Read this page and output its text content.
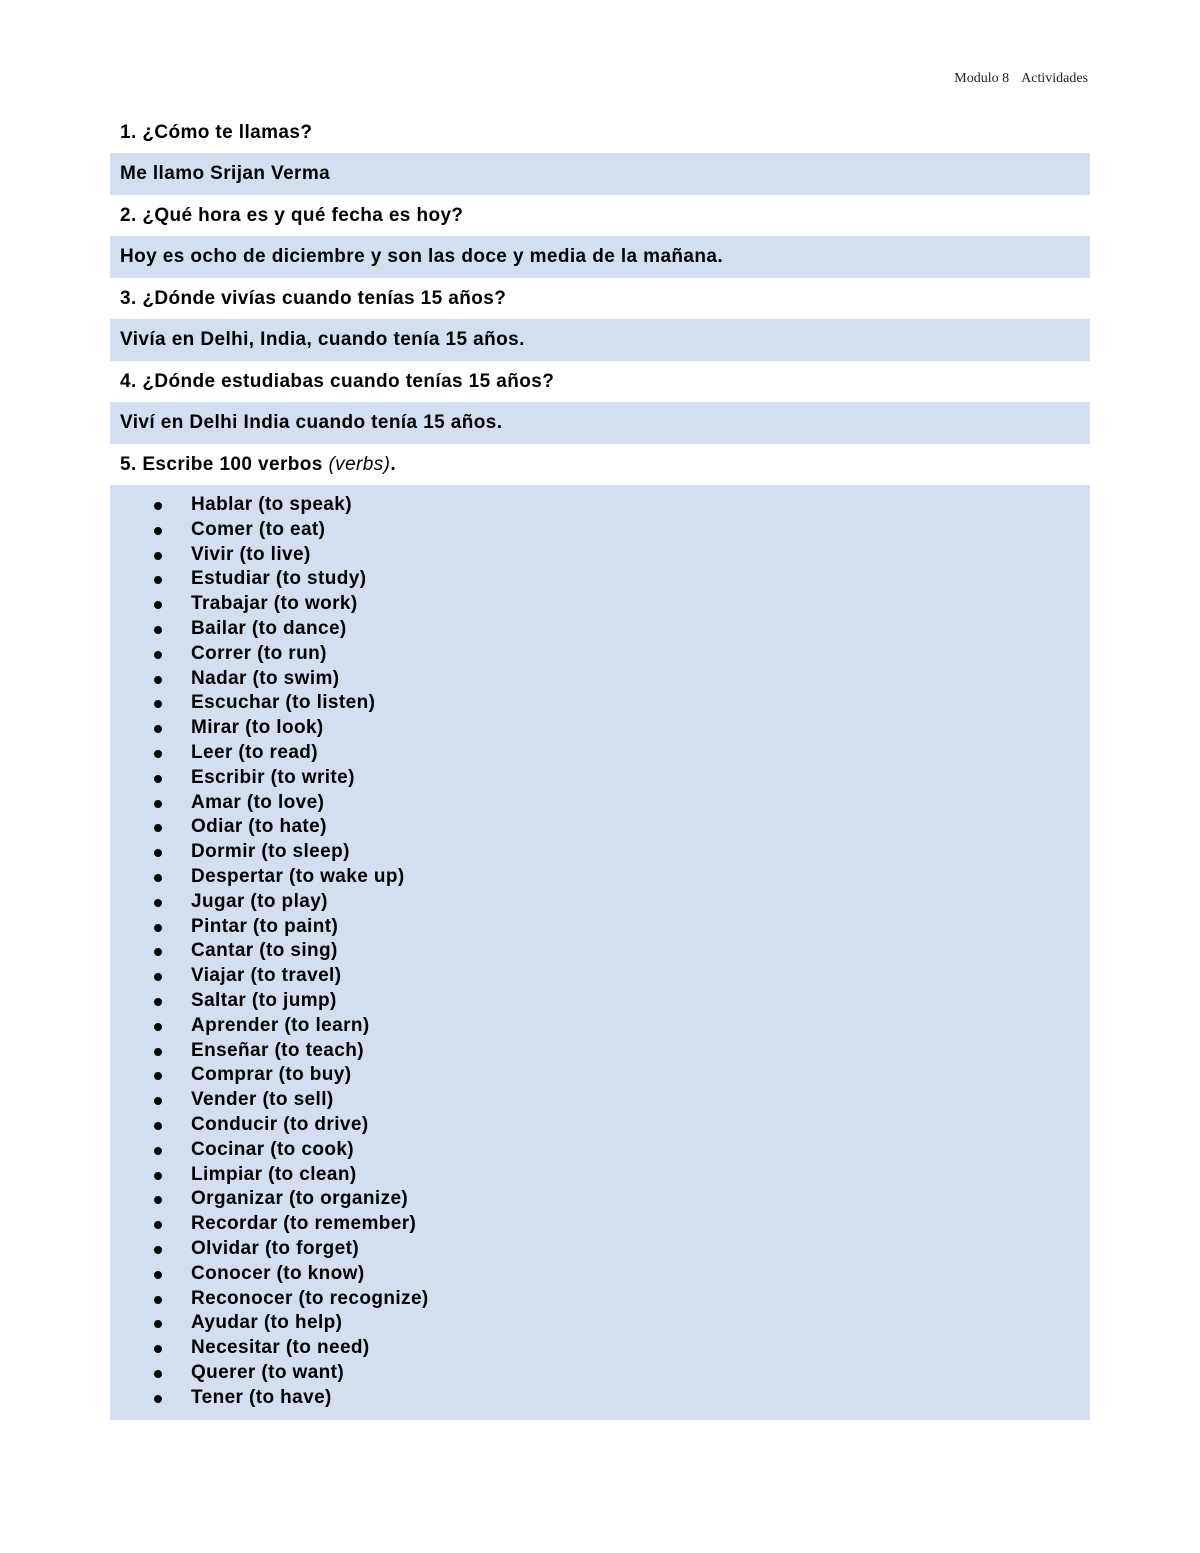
Modulo 8 Actividades
1. ¿Cómo te llamas?
Me llamo Srijan Verma
2. ¿Qué hora es y qué fecha es hoy?
Hoy es ocho de diciembre y son las doce y media de la mañana.
3. ¿Dónde vivías cuando tenías 15 años?
Vivía en Delhi, India, cuando tenía 15 años.
4. ¿Dónde estudiabas cuando tenías 15 años?
Viví en Delhi India cuando tenía 15 años.
5. Escribe 100 verbos
(verbs) .
Hablar (to speak)
Comer (to eat)
Vivir (to live)
Estudiar (to study)
Trabajar (to work)
Bailar (to dance)
Correr (to run)
Nadar (to swim)
Escuchar (to listen)
Mirar (to look)
Leer (to read)
Escribir (to write)
Amar (to love)
Odiar (to hate)
Dormir (to sleep)
Despertar (to wake up)
Jugar (to play)
Pintar (to paint)
Cantar (to sing)
Viajar (to travel)
Saltar (to jump)
Aprender (to learn)
Enseñar (to teach)
Comprar (to buy)
Vender (to sell)
Conducir (to drive)
Cocinar (to cook)
Limpiar (to clean)
Organizar (to organize)
Recordar (to remember)
Olvidar (to forget)
Conocer (to know)
Reconocer (to recognize)
Ayudar (to help)
Necesitar (to need)
Querer (to want)
Tener (to have)
